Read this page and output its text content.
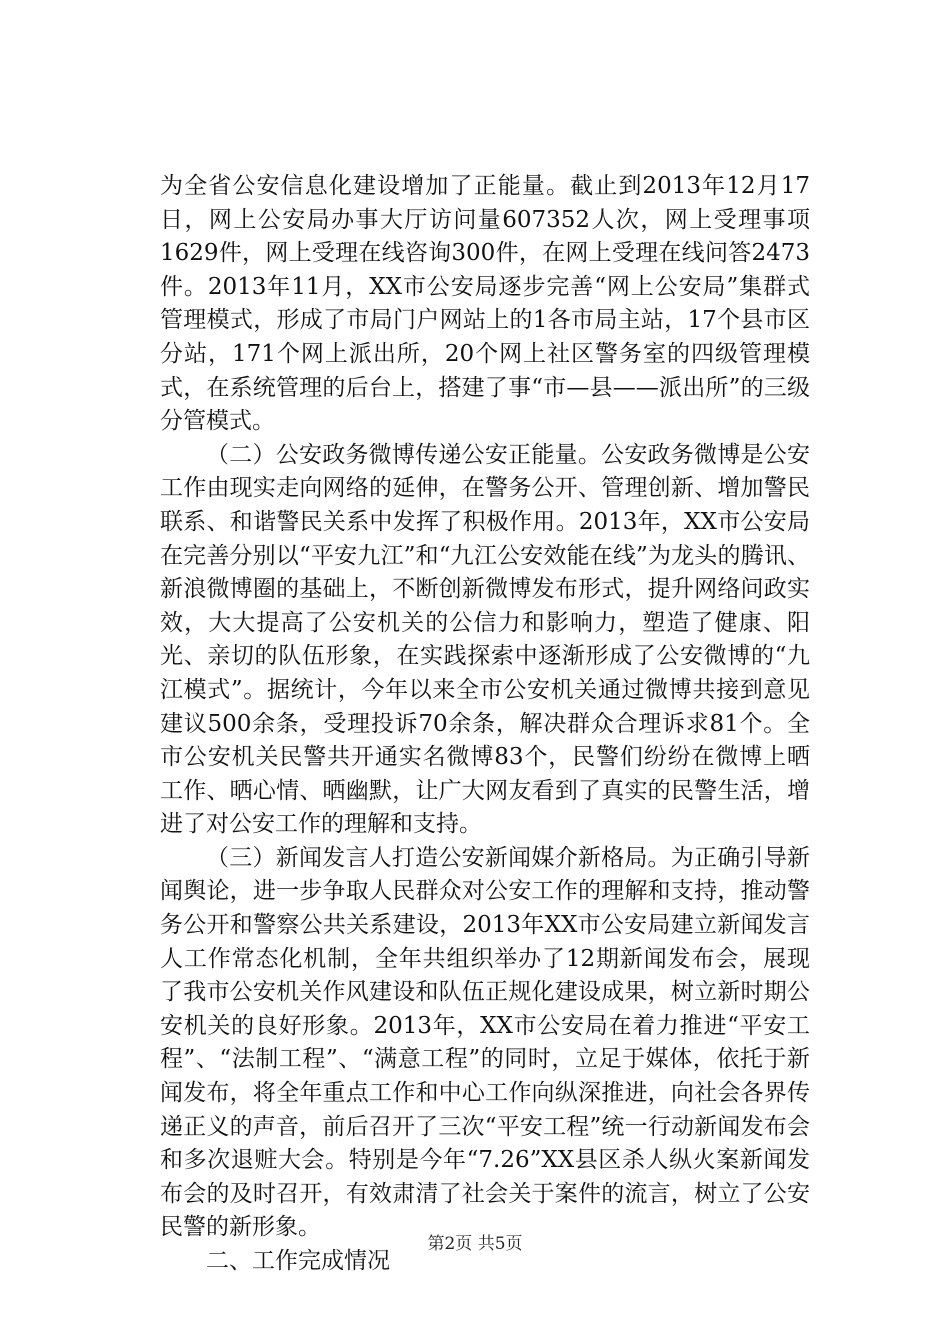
为全省公安信息化建设增加了正能量。截止到2013年12月17日，网上公安局办事大厅访问量607352人次，网上受理事项1629件，网上受理在线咨询300件，在网上受理在线问答2473件。2013年11月，XX市公安局逐步完善“网上公安局”集群式管理模式，形成了市局门户网站上的1各市局主站，17个县市区分站，171个网上派出所，20个网上社区警务室的四级管理模式，在系统管理的后台上，搭建了事“市—县——派出所”的三级分管模式。

（二）公安政务微博传递公安正能量。公安政务微博是公安工作由现实走向网络的延伸，在警务公开、管理创新、增加警民联系、和谐警民关系中发挥了积极作用。2013年，XX市公安局在完善分别以“平安九江”和“九江公安效能在线”为龙头的腾讯、新浪微博圈的基础上，不断创新微博发布形式，提升网络问政实效，大大提高了公安机关的公信力和影响力，塑造了健康、阳光、亲切的队伍形象，在实践探索中逐渐形成了公安微博的“九江模式”。据统计，今年以来全市公安机关通过微博共接到意见建议500余条，受理投诉70余条，解决群众合理诉求81个。全市公安机关民警共开通实名微博83个，民警们纷纷在微博上晒工作、晒心情、晒幽默，让广大网友看到了真实的民警生活，增进了对公安工作的理解和支持。

（三）新闻发言人打造公安新闻媒介新格局。为正确引导新闻舆论，进一步争取人民群众对公安工作的理解和支持，推动警务公开和警察公共关系建设，2013年XX市公安局建立新闻发言人工作常态化机制，全年共组织举办了12期新闻发布会，展现了我市公安机关作风建设和队伍正规化建设成果，树立新时期公安机关的良好形象。2013年，XX市公安局在着力推进“平安工程”、“法制工程”、“满意工程”的同时，立足于媒体，依托于新闻发布，将全年重点工作和中心工作向纵深推进，向社会各界传递正义的声音，前后召开了三次“平安工程”统一行动新闻发布会和多次退赃大会。特别是今年“7.26”XX县区杀人纵火案新闻发布会的及时召开，有效肃清了社会关于案件的流言，树立了公安民警的新形象。

二、工作完成情况

第2页 共5页
